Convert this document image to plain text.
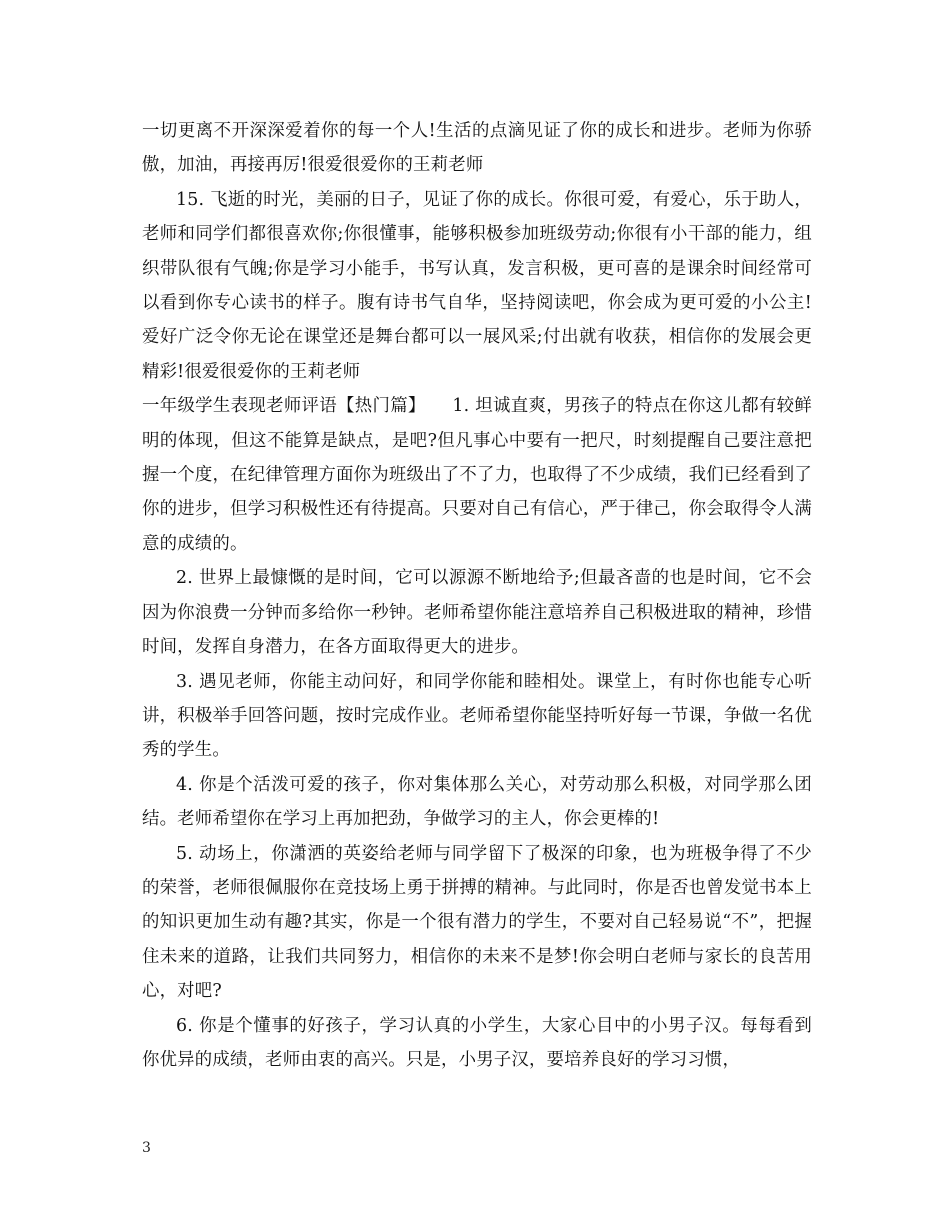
一切更离不开深深爱着你的每一个人!生活的点滴见证了你的成长和进步。老师为你骄傲，加油，再接再厉!很爱很爱你的王莉老师

15. 飞逝的时光，美丽的日子，见证了你的成长。你很可爱，有爱心，乐于助人，老师和同学们都很喜欢你;你很懂事，能够积极参加班级劳动;你很有小干部的能力，组织带队很有气魄;你是学习小能手，书写认真，发言积极，更可喜的是课余时间经常可以看到你专心读书的样子。腹有诗书气自华，坚持阅读吧，你会成为更可爱的小公主!爱好广泛令你无论在课堂还是舞台都可以一展风采;付出就有收获，相信你的发展会更精彩!很爱很爱你的王莉老师

一年级学生表现老师评语【热门篇】　　1. 坦诚直爽，男孩子的特点在你这儿都有较鲜明的体现，但这不能算是缺点，是吧?但凡事心中要有一把尺，时刻提醒自己要注意把握一个度，在纪律管理方面你为班级出了不了力，也取得了不少成绩，我们已经看到了你的进步，但学习积极性还有待提高。只要对自己有信心，严于律己，你会取得令人满意的成绩的。

2. 世界上最慷慨的是时间，它可以源源不断地给予;但最吝啬的也是时间，它不会因为你浪费一分钟而多给你一秒钟。老师希望你能注意培养自己积极进取的精神，珍惜时间，发挥自身潜力，在各方面取得更大的进步。

3. 遇见老师，你能主动问好，和同学你能和睦相处。课堂上，有时你也能专心听讲，积极举手回答问题，按时完成作业。老师希望你能坚持听好每一节课，争做一名优秀的学生。

4. 你是个活泼可爱的孩子，你对集体那么关心，对劳动那么积极，对同学那么团结。老师希望你在学习上再加把劲，争做学习的主人，你会更棒的!

5. 动场上，你潇洒的英姿给老师与同学留下了极深的印象，也为班极争得了不少的荣誉，老师很佩服你在竞技场上勇于拼搏的精神。与此同时，你是否也曾发觉书本上的知识更加生动有趣?其实，你是一个很有潜力的学生，不要对自己轻易说“不”，把握住未来的道路，让我们共同努力，相信你的未来不是梦!你会明白老师与家长的良苦用心，对吧?

6. 你是个懂事的好孩子，学习认真的小学生，大家心目中的小男子汉。每每看到你优异的成绩，老师由衷的高兴。只是，小男子汉，要培养良好的学习习惯，

3
